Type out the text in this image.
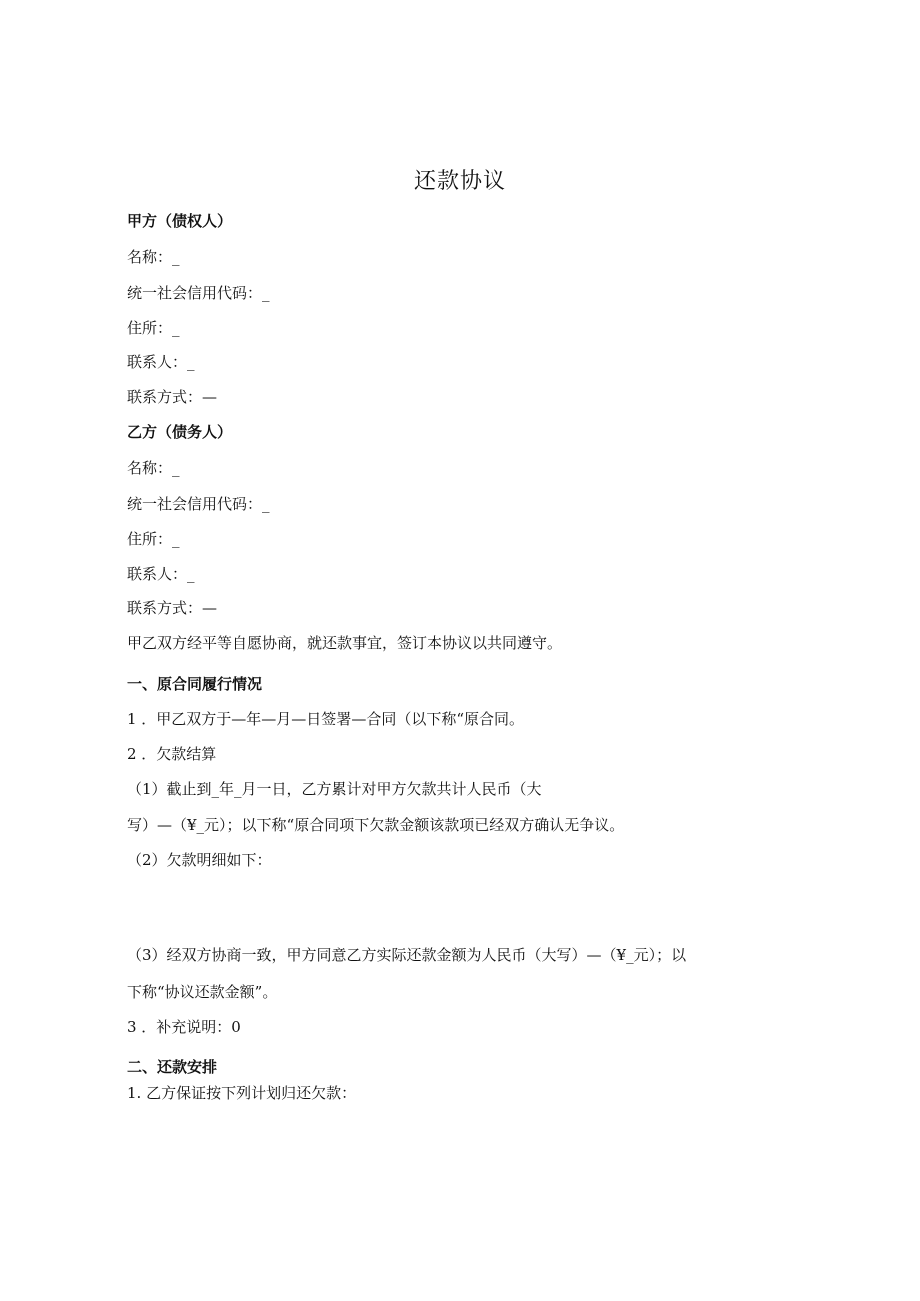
还款协议
甲方（债权人）
名称：_
统一社会信用代码：_
住所：_
联系人：_
联系方式：—
乙方（债务人）
名称：_
统一社会信用代码：_
住所：_
联系人：_
联系方式：—
甲乙双方经平等自愿协商，就还款事宜，签订本协议以共同遵守。
一、原合同履行情况
1 ．甲乙双方于—年—月—日签署—合同（以下称“原合同。
2 ．欠款结算
（1）截止到_年_月一日，乙方累计对甲方欠款共计人民币（大
写）—（¥_元）；以下称“原合同项下欠款金额该款项已经双方确认无争议。
（2）欠款明细如下：
（3）经双方协商一致，甲方同意乙方实际还款金额为人民币（大写）—（¥_元）；以
下称“协议还款金额”。
3 ．补充说明：0
二、还款安排
1. 乙方保证按下列计划归还欠款：
